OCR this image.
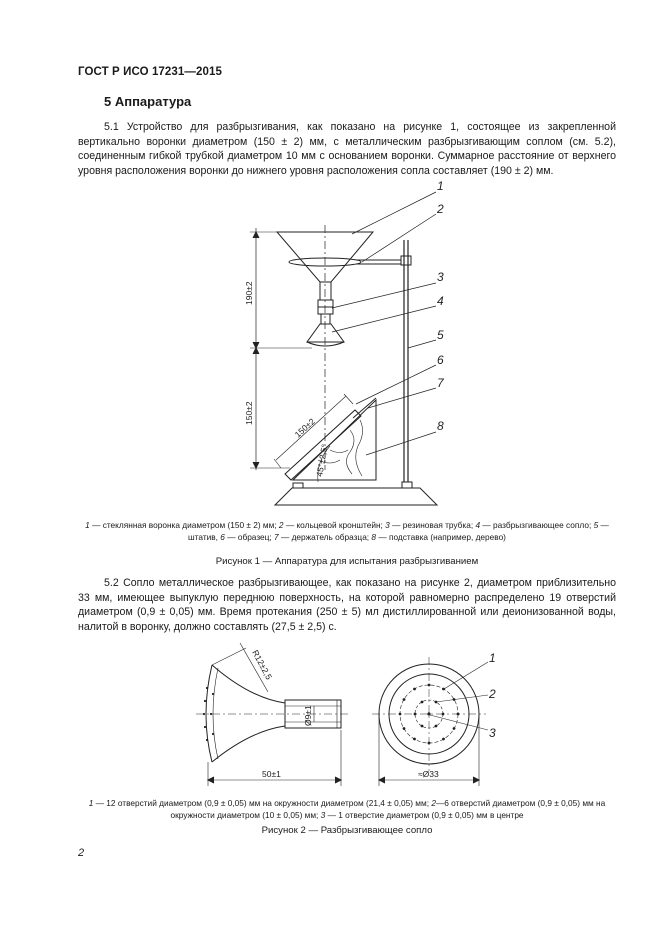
ГОСТ Р ИСО 17231—2015
5 Аппаратура

5.1 Устройство для разбрызгивания, как показано на рисунке 1, состоящее из закрепленной вертикально воронки диаметром (150 ± 2) мм, с металлическим разбрызгивающим соплом (см. 5.2), соединенным гибкой трубкой диаметром 10 мм с основанием воронки. Суммарное расстояние от верхнего уровня расположения воронки до нижнего уровня расположения сопла составляет (190 ± 2) мм.

1
2
3
4
5
6
7
8
190±2
150±2
150±2
45°±2,5°
1 — стеклянная воронка диаметром (150 ± 2) мм; 2 — кольцевой кронштейн; 3 — резиновая трубка; 4 — разбрызгивающее сопло; 5 — штатив, 6 — образец; 7 — держатель образца; 8 — подставка (например, дерево)
Рисунок 1 — Аппаратура для испытания разбрызгиванием

5.2 Сопло металлическое разбрызгивающее, как показано на рисунке 2, диаметром приблизительно 33 мм, имеющее выпуклую переднюю поверхность, на которой равномерно распределено 19 отверстий диаметром (0,9 ± 0,05) мм. Время протекания (250 ± 5) мл дистиллированной или деионизованной воды, налитой в воронку, должно составлять (27,5 ± 2,5) с.

1
2
3
R12±2,5
Ø9±1
50±1	≈Ø33
1 — 12 отверстий диаметром (0,9 ± 0,05) мм на окружности диаметром (21,4 ± 0,05) мм; 2—6 отверстий диаметром (0,9 ± 0,05) мм на окружности диаметром (10 ± 0,05) мм; 3 — 1 отверстие диаметром (0,9 ± 0,05) мм в центре
Рисунок 2 — Разбрызгивающее сопло
2
